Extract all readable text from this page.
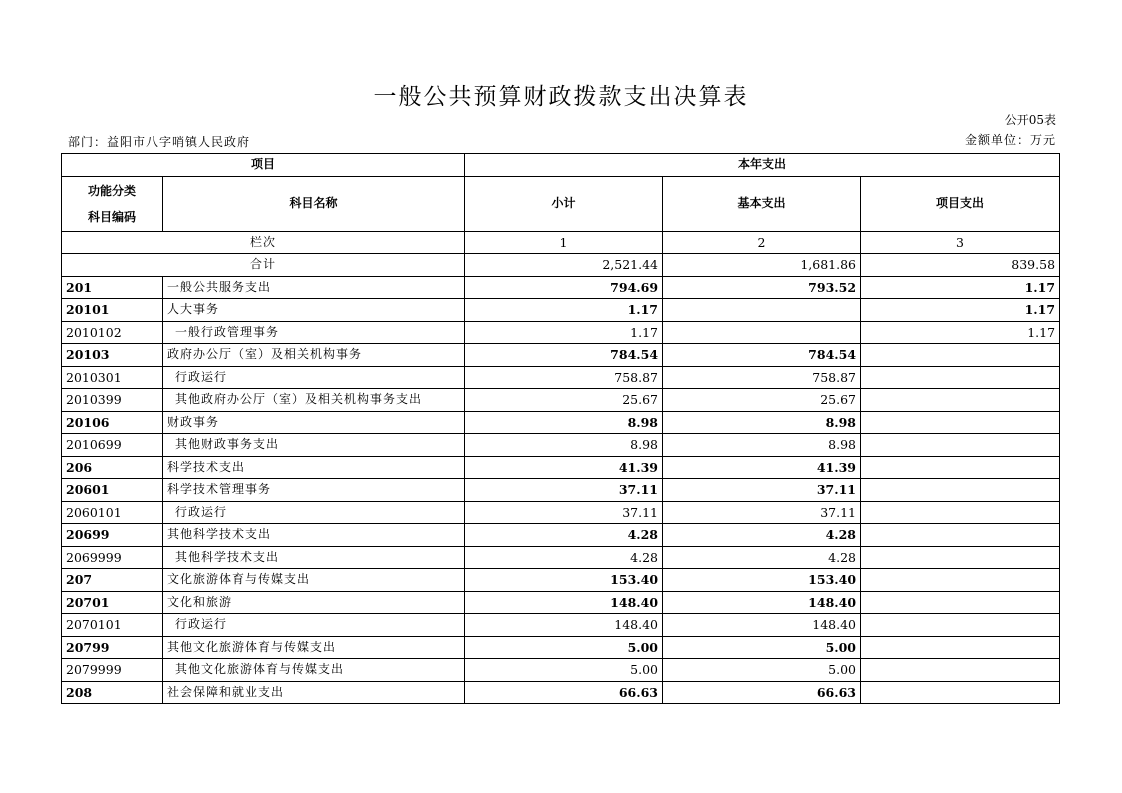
一般公共预算财政拨款支出决算表
公开05表
部门：益阳市八字哨镇人民政府	金额单位：万元
项目		本年支出		

功能分类
科目编码	科目名称	小计	基本支出	项目支出
栏次		1	2	3
合计		2,521.44	1,681.86	839.58
201	一般公共服务支出	794.69	793.52	1.17
20101	人大事务	1.17		1.17
2010102	一般行政管理事务	1.17		1.17
20103	政府办公厅（室）及相关机构事务	784.54	784.54	
2010301	行政运行	758.87	758.87	
2010399	其他政府办公厅（室）及相关机构事务支出	25.67	25.67	
20106	财政事务	8.98	8.98	
2010699	其他财政事务支出	8.98	8.98	
206	科学技术支出	41.39	41.39	
20601	科学技术管理事务	37.11	37.11	
2060101	行政运行	37.11	37.11	
20699	其他科学技术支出	4.28	4.28	
2069999	其他科学技术支出	4.28	4.28	
207	文化旅游体育与传媒支出	153.40	153.40	
20701	文化和旅游	148.40	148.40	
2070101	行政运行	148.40	148.40	
20799	其他文化旅游体育与传媒支出	5.00	5.00	
2079999	其他文化旅游体育与传媒支出	5.00	5.00	
208	社会保障和就业支出	66.63	66.63	
